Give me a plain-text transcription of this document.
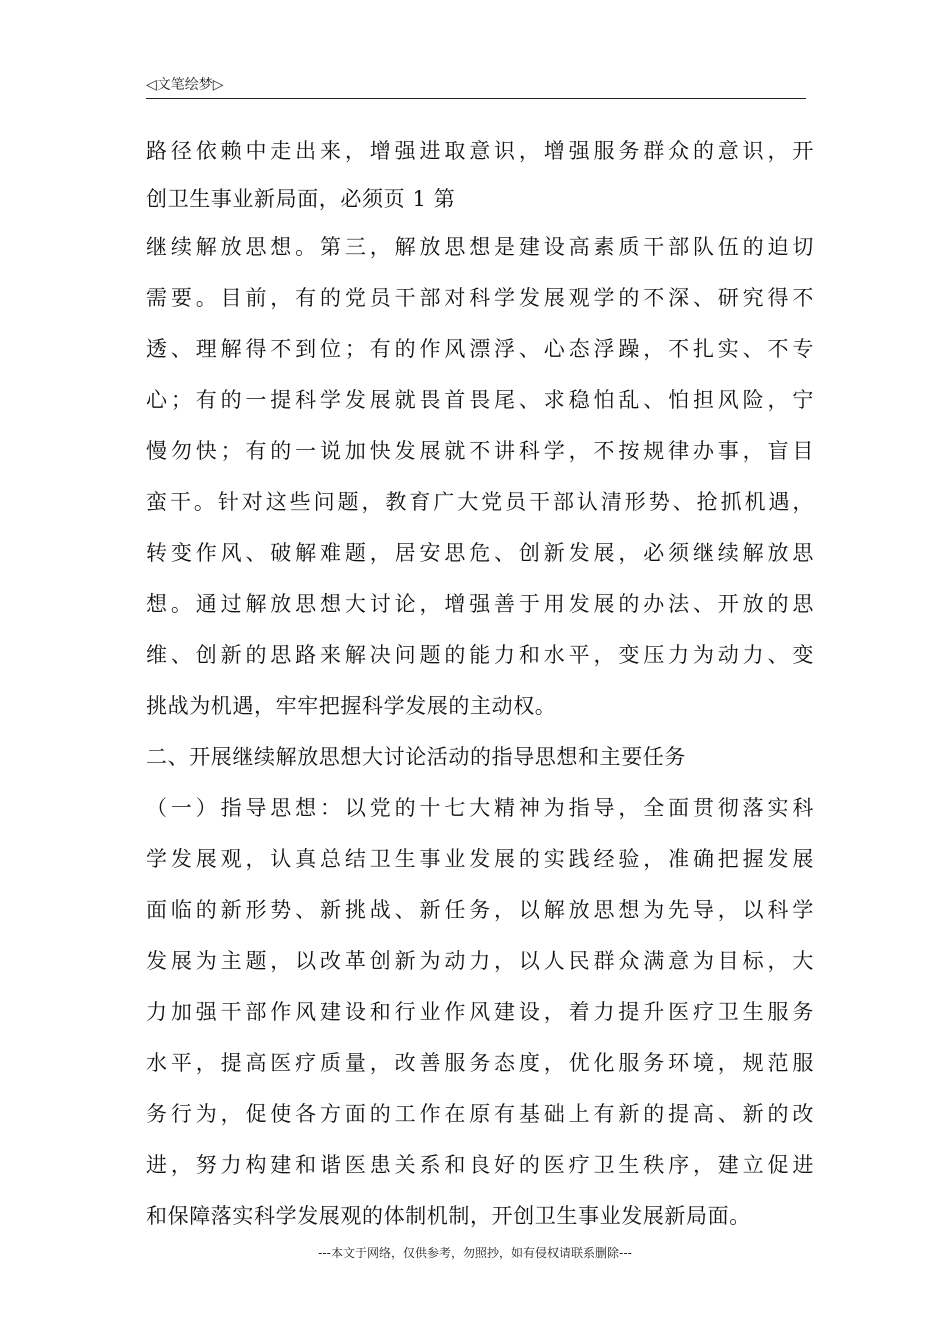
◁文笔绘梦▷
路径依赖中走出来，增强进取意识，增强服务群众的意识，开
创卫生事业新局面，必须页 1 第
继续解放思想。第三，解放思想是建设高素质干部队伍的迫切
需要。目前，有的党员干部对科学发展观学的不深、研究得不
透、理解得不到位；有的作风漂浮、心态浮躁，不扎实、不专
心；有的一提科学发展就畏首畏尾、求稳怕乱、怕担风险，宁
慢勿快；有的一说加快发展就不讲科学，不按规律办事，盲目
蛮干。针对这些问题，教育广大党员干部认清形势、抢抓机遇，
转变作风、破解难题，居安思危、创新发展，必须继续解放思
想。通过解放思想大讨论，增强善于用发展的办法、开放的思
维、创新的思路来解决问题的能力和水平，变压力为动力、变
挑战为机遇，牢牢把握科学发展的主动权。
二、开展继续解放思想大讨论活动的指导思想和主要任务
（一）指导思想：以党的十七大精神为指导，全面贯彻落实科
学发展观，认真总结卫生事业发展的实践经验，准确把握发展
面临的新形势、新挑战、新任务，以解放思想为先导，以科学
发展为主题，以改革创新为动力，以人民群众满意为目标，大
力加强干部作风建设和行业作风建设，着力提升医疗卫生服务
水平，提高医疗质量，改善服务态度，优化服务环境，规范服
务行为，促使各方面的工作在原有基础上有新的提高、新的改
进，努力构建和谐医患关系和良好的医疗卫生秩序，建立促进
和保障落实科学发展观的体制机制，开创卫生事业发展新局面。
---本文于网络，仅供参考，勿照抄，如有侵权请联系删除---
